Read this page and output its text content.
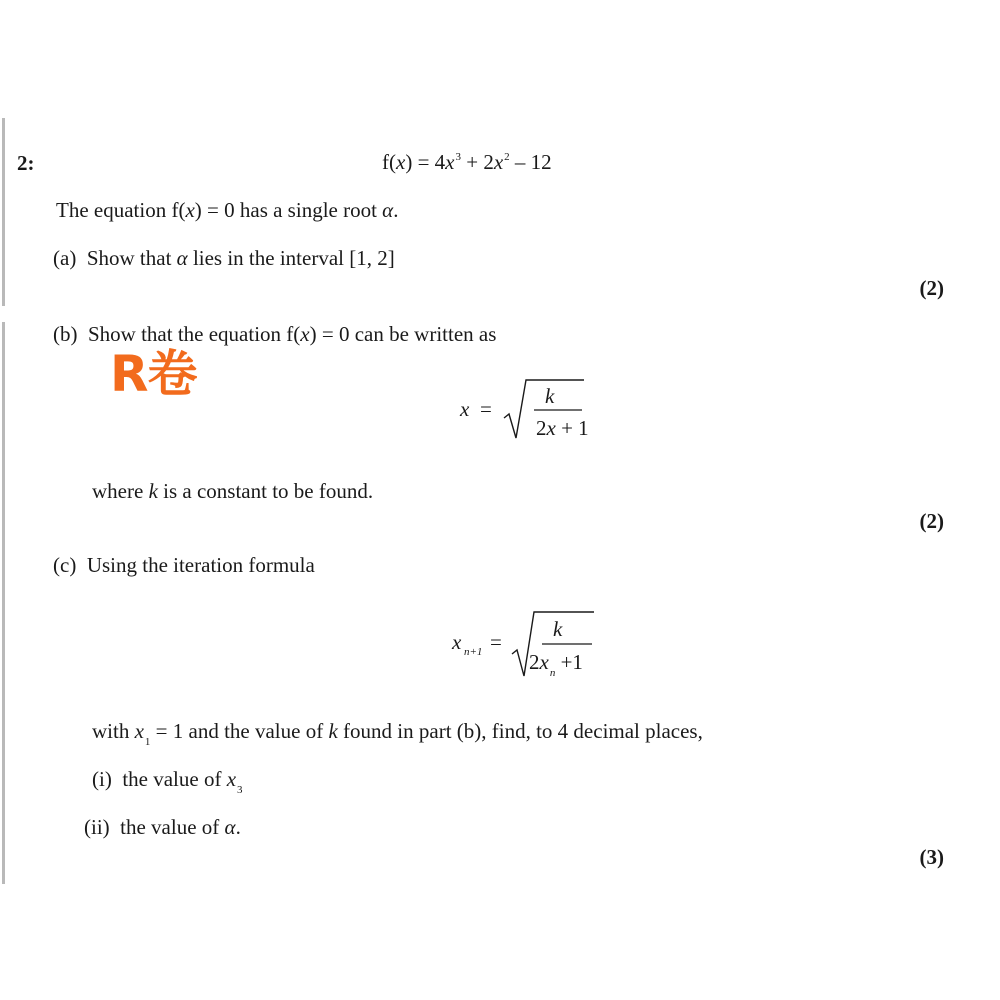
2:	$f(x) = 4x^3 + 2x^2 - 12$
The equation f(x) = 0 has a single root α.
(a) Show that α lies in the interval [1, 2]
(2)
(b) Show that the equation f(x) = 0 can be written as
R卷
x =
k
2x + 1
where k is a constant to be found.
(2)
(c) Using the iteration formula
x n+1 =
k
$2x_n +1$
with $x_1 = 1$ and the value of k found in part (b), find, to 4 decimal places,
(i) the value of $x_3$
(ii) the value of α.
(3)
